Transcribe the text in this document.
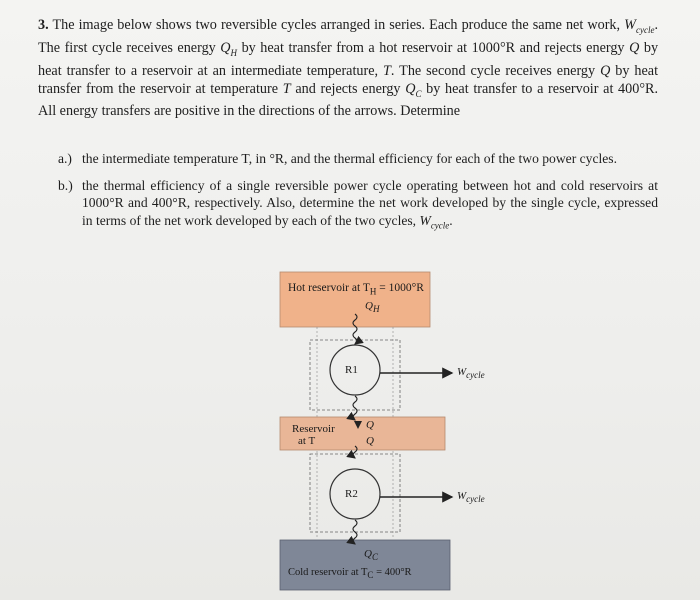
3. The image below shows two reversible cycles arranged in series. Each produce the same net work, $W_{cycle}$. The first cycle receives energy $Q_H$ by heat transfer from a hot reservoir at 1000°R and rejects energy Q by heat transfer to a reservoir at an intermediate temperature, T. The second cycle receives energy Q by heat transfer from the reservoir at temperature T and rejects energy $Q_C$ by heat transfer to a reservoir at 400°R. All energy transfers are positive in the directions of the arrows. Determine
a.) the intermediate temperature T, in °R, and the thermal efficiency for each of the two power cycles.
b.) the thermal efficiency of a single reversible power cycle operating between hot and cold reservoirs at 1000°R and 400°R, respectively. Also, determine the net work developed by the single cycle, expressed in terms of the net work developed by each of the two cycles, $W_{cycle}$.
Hot reservoir at $T_H = 1000^\circ R$
$Q_H$
R1	$W_{cycle}$
Reservoir
at T
Q
Q
R2	$W_{cycle}$
$Q_C$
Cold reservoir at $T_C = 400^\circ R$
